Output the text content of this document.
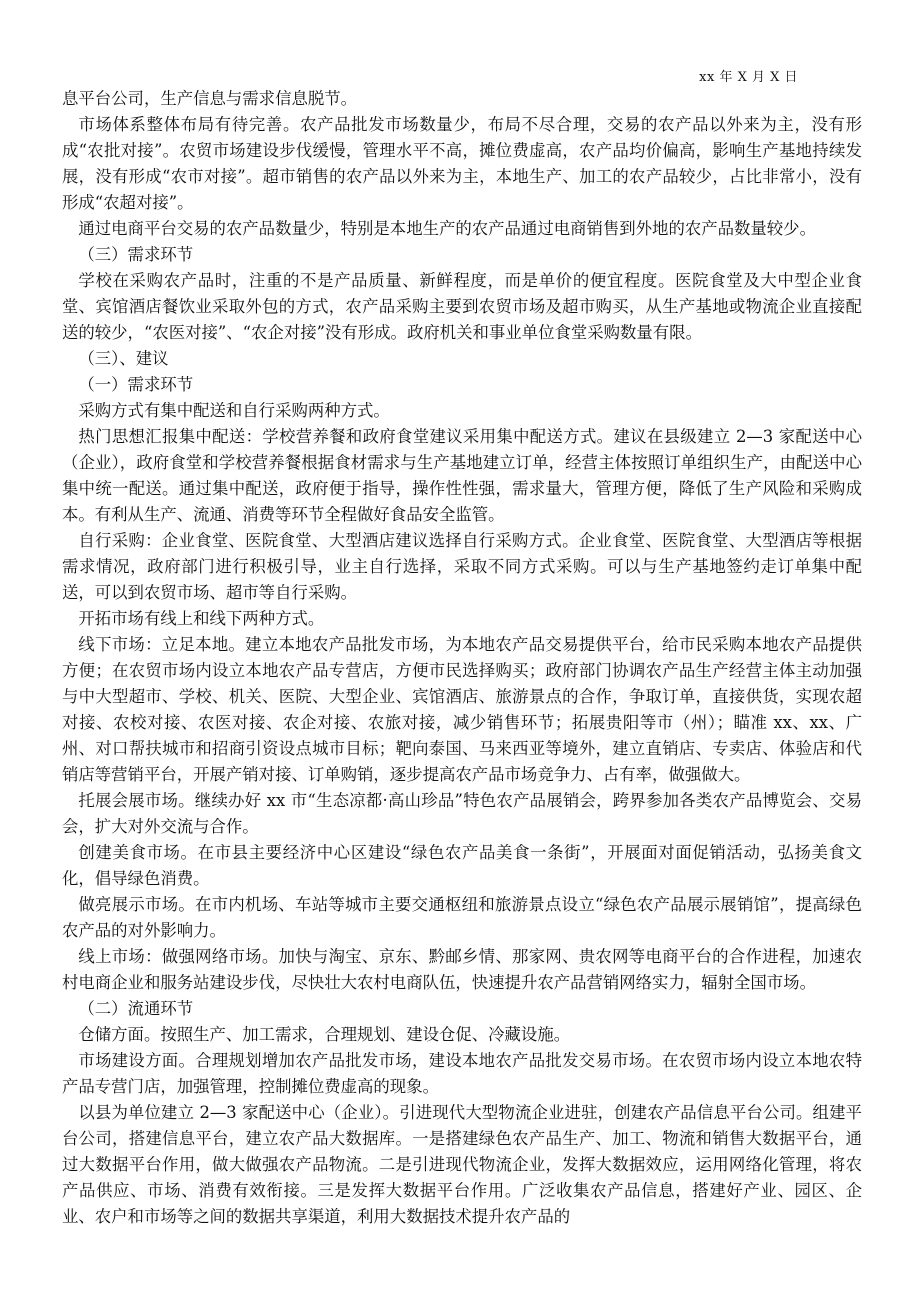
xx 年 X 月 X 日

息平台公司，生产信息与需求信息脱节。

市场体系整体布局有待完善。农产品批发市场数量少，布局不尽合理，交易的农产品以外来为主，没有形成“农批对接”。农贸市场建设步伐缓慢，管理水平不高，摊位费虚高，农产品均价偏高，影响生产基地持续发展，没有形成“农市对接”。超市销售的农产品以外来为主，本地生产、加工的农产品较少，占比非常小，没有形成“农超对接”。

通过电商平台交易的农产品数量少，特别是本地生产的农产品通过电商销售到外地的农产品数量较少。

（三）需求环节

学校在采购农产品时，注重的不是产品质量、新鲜程度，而是单价的便宜程度。医院食堂及大中型企业食堂、宾馆酒店餐饮业采取外包的方式，农产品采购主要到农贸市场及超市购买，从生产基地或物流企业直接配送的较少，“农医对接”、“农企对接”没有形成。政府机关和事业单位食堂采购数量有限。

（三）、建议

（一）需求环节

采购方式有集中配送和自行采购两种方式。

热门思想汇报集中配送：学校营养餐和政府食堂建议采用集中配送方式。建议在县级建立 2—3 家配送中心（企业），政府食堂和学校营养餐根据食材需求与生产基地建立订单，经营主体按照订单组织生产，由配送中心集中统一配送。通过集中配送，政府便于指导，操作性性强，需求量大，管理方便，降低了生产风险和采购成本。有利从生产、流通、消费等环节全程做好食品安全监管。

自行采购：企业食堂、医院食堂、大型酒店建议选择自行采购方式。企业食堂、医院食堂、大型酒店等根据需求情况，政府部门进行积极引导，业主自行选择，采取不同方式采购。可以与生产基地签约走订单集中配送，可以到农贸市场、超市等自行采购。

开拓市场有线上和线下两种方式。

线下市场：立足本地。建立本地农产品批发市场，为本地农产品交易提供平台，给市民采购本地农产品提供方便；在农贸市场内设立本地农产品专营店，方便市民选择购买；政府部门协调农产品生产经营主体主动加强与中大型超市、学校、机关、医院、大型企业、宾馆酒店、旅游景点的合作，争取订单，直接供货，实现农超对接、农校对接、农医对接、农企对接、农旅对接，减少销售环节；拓展贵阳等市（州）；瞄准 xx、xx、广州、对口帮扶城市和招商引资设点城市目标；靶向泰国、马来西亚等境外，建立直销店、专卖店、体验店和代销店等营销平台，开展产销对接、订单购销，逐步提高农产品市场竞争力、占有率，做强做大。

托展会展市场。继续办好 xx 市“生态凉都·高山珍品”特色农产品展销会，跨界参加各类农产品博览会、交易会，扩大对外交流与合作。

创建美食市场。在市县主要经济中心区建设“绿色农产品美食一条街”，开展面对面促销活动，弘扬美食文化，倡导绿色消费。

做亮展示市场。在市内机场、车站等城市主要交通枢纽和旅游景点设立“绿色农产品展示展销馆”，提高绿色农产品的对外影响力。

线上市场：做强网络市场。加快与淘宝、京东、黔邮乡情、那家网、贵农网等电商平台的合作进程，加速农村电商企业和服务站建设步伐，尽快壮大农村电商队伍，快速提升农产品营销网络实力，辐射全国市场。

（二）流通环节

仓储方面。按照生产、加工需求，合理规划、建设仓促、冷藏设施。

市场建设方面。合理规划增加农产品批发市场，建设本地农产品批发交易市场。在农贸市场内设立本地农特产品专营门店，加强管理，控制摊位费虚高的现象。

以县为单位建立 2—3 家配送中心（企业）。引进现代大型物流企业进驻，创建农产品信息平台公司。组建平台公司，搭建信息平台，建立农产品大数据库。一是搭建绿色农产品生产、加工、物流和销售大数据平台，通过大数据平台作用，做大做强农产品物流。二是引进现代物流企业，发挥大数据效应，运用网络化管理，将农产品供应、市场、消费有效衔接。三是发挥大数据平台作用。广泛收集农产品信息，搭建好产业、园区、企业、农户和市场等之间的数据共享渠道，利用大数据技术提升农产品的
